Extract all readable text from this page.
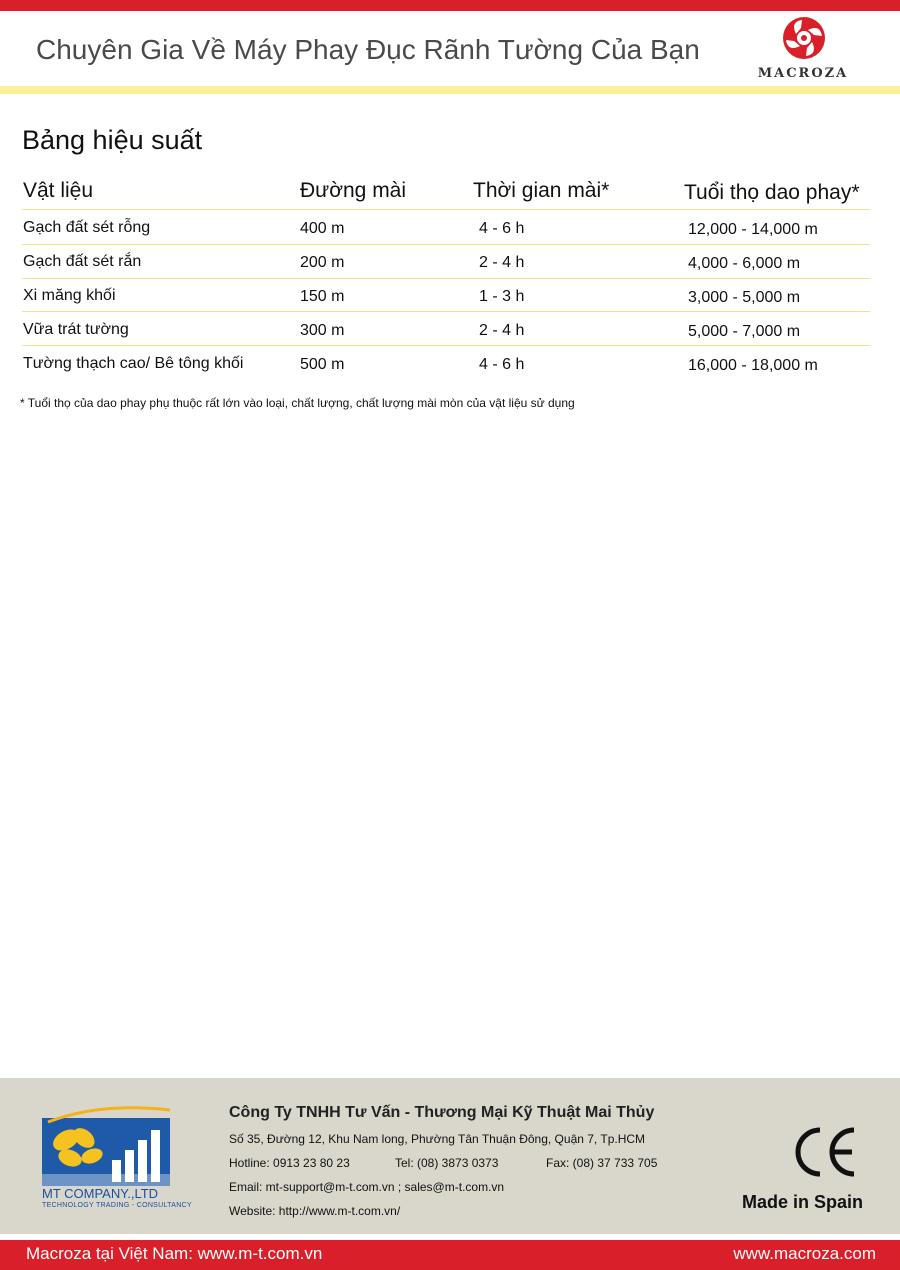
Chuyên Gia Về Máy Phay Đục Rãnh Tường Của Bạn
MACROZA
Bảng hiệu suất
Vật liệu	Đường mài	Thời gian mài*	Tuổi thọ dao phay*
Gạch đất sét rỗng	400 m	4 - 6 h	12,000 - 14,000 m
Gạch đất sét rắn	200 m	2 - 4 h	4,000 - 6,000 m
Xi măng khối	150 m	1 - 3 h	3,000 - 5,000 m
Vữa trát tường	300 m	2 - 4 h	5,000 - 7,000 m
Tường thạch cao/ Bê tông khối	500 m	4 - 6 h	16,000 - 18,000 m
* Tuổi thọ của dao phay phụ thuộc rất lớn vào loại, chất lượng, chất lượng mài mòn của vật liệu sử dụng
MT COMPANY.,LTD
TECHNOLOGY TRADING - CONSULTANCY
Công Ty TNHH Tư Vấn - Thương Mại Kỹ Thuật Mai Thủy
Số 35, Đường 12, Khu Nam long, Phường Tân Thuận Đông, Quận 7, Tp.HCM
Hotline: 0913 23 80 23	Tel: (08) 3873 0373	Fax: (08) 37 733 705
Email: mt-support@m-t.com.vn ; sales@m-t.com.vn
Website: http://www.m-t.com.vn/	Made in Spain
Macroza tại Việt Nam: www.m-t.com.vn	www.macroza.com
